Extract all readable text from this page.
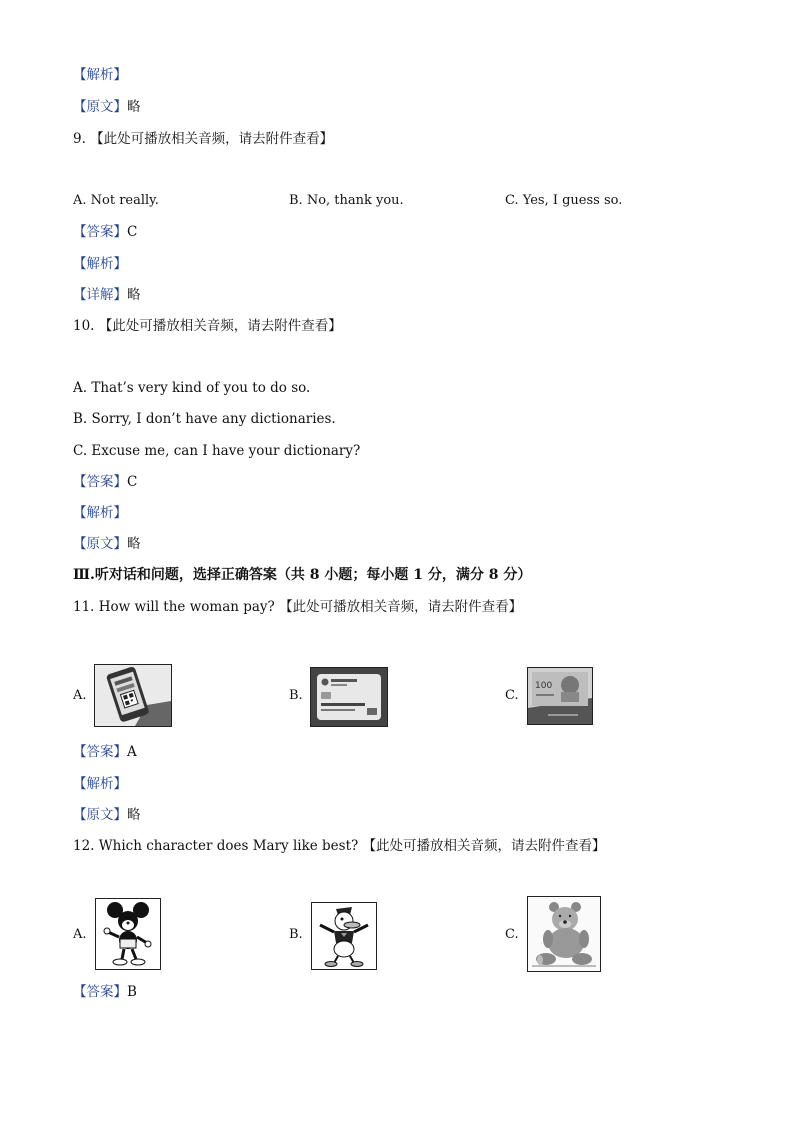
【解析】
【原文】略
9. 【此处可播放相关音频，请去附件查看】
A. Not really.	B. No, thank you.	C. Yes, I guess so.
【答案】C
【解析】
【详解】略
10. 【此处可播放相关音频，请去附件查看】
A. That’s very kind of you to do so.
B. Sorry, I don’t have any dictionaries.
C. Excuse me, can I have your dictionary?
【答案】C
【解析】
【原文】略
Ⅲ.听对话和问题，选择正确答案（共 8 小题；每小题 1 分，满分 8 分）
11. How will the woman pay? 【此处可播放相关音频，请去附件查看】
A.	B.	C.
100
【答案】A
【解析】
【原文】略
12. Which character does Mary like best? 【此处可播放相关音频，请去附件查看】
A.	B.	C.
【答案】B
